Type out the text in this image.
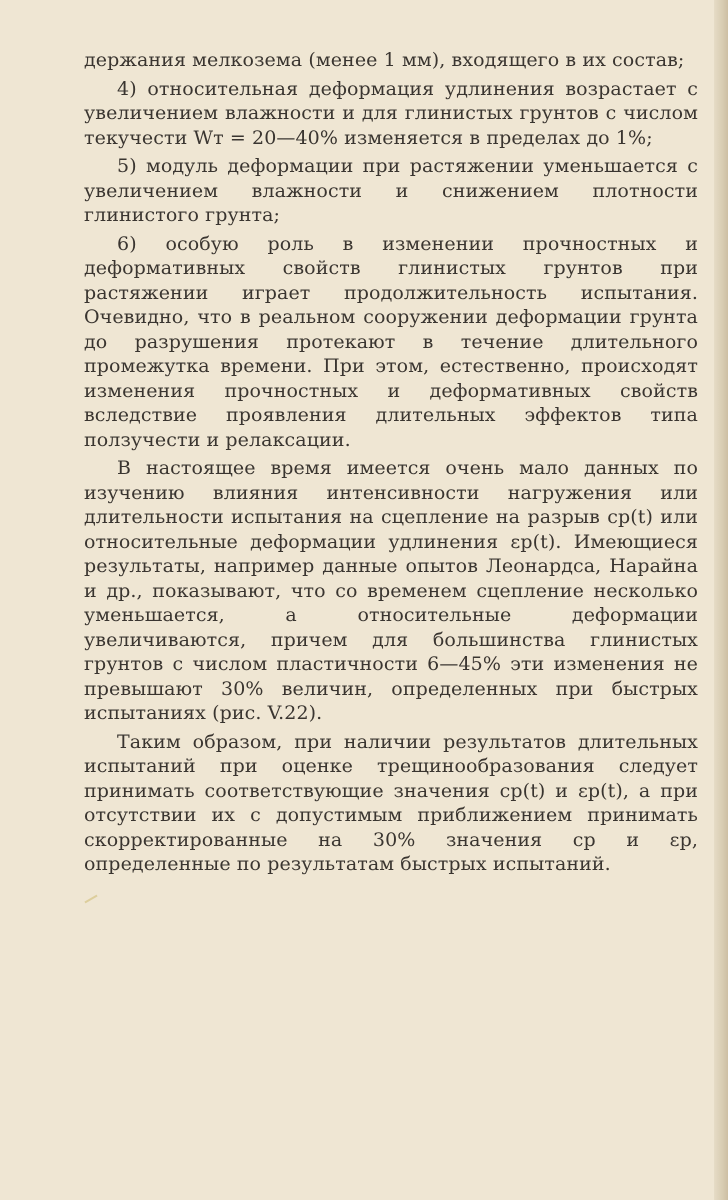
держания мелкозема (менее 1 мм), входящего в их состав;

4) относительная деформация удлинения возрастает с увеличением влажности и для глинистых грунтов с числом текучести Wт = 20—40% изменяется в пределах до 1%;

5) модуль деформации при растяжении уменьшается с увеличением влажности и снижением плотности глинистого грунта;

6) особую роль в изменении прочностных и деформативных свойств глинистых грунтов при растяжении играет продолжительность испытания. Очевидно, что в реальном сооружении деформации грунта до разрушения протекают в течение длительного промежутка времени. При этом, естественно, происходят изменения прочностных и деформативных свойств вследствие проявления длительных эффектов типа ползучести и релаксации.

В настоящее время имеется очень мало данных по изучению влияния интенсивности нагружения или длительности испытания на сцепление на разрыв cр(t) или относительные деформации удлинения εр(t). Имеющиеся результаты, например данные опытов Леонардса, Нарайна и др., показывают, что со временем сцепление несколько уменьшается, а относительные деформации увеличиваются, причем для большинства глинистых грунтов с числом пластичности 6—45% эти изменения не превышают 30% величин, определенных при быстрых испытаниях (рис. V.22).

Таким образом, при наличии результатов длительных испытаний при оценке трещинообразования следует принимать соответствующие значения cр(t) и εр(t), а при отсутствии их с допустимым приближением принимать скорректированные на 30% значения cр и εр, определенные по результатам быстрых испытаний.
